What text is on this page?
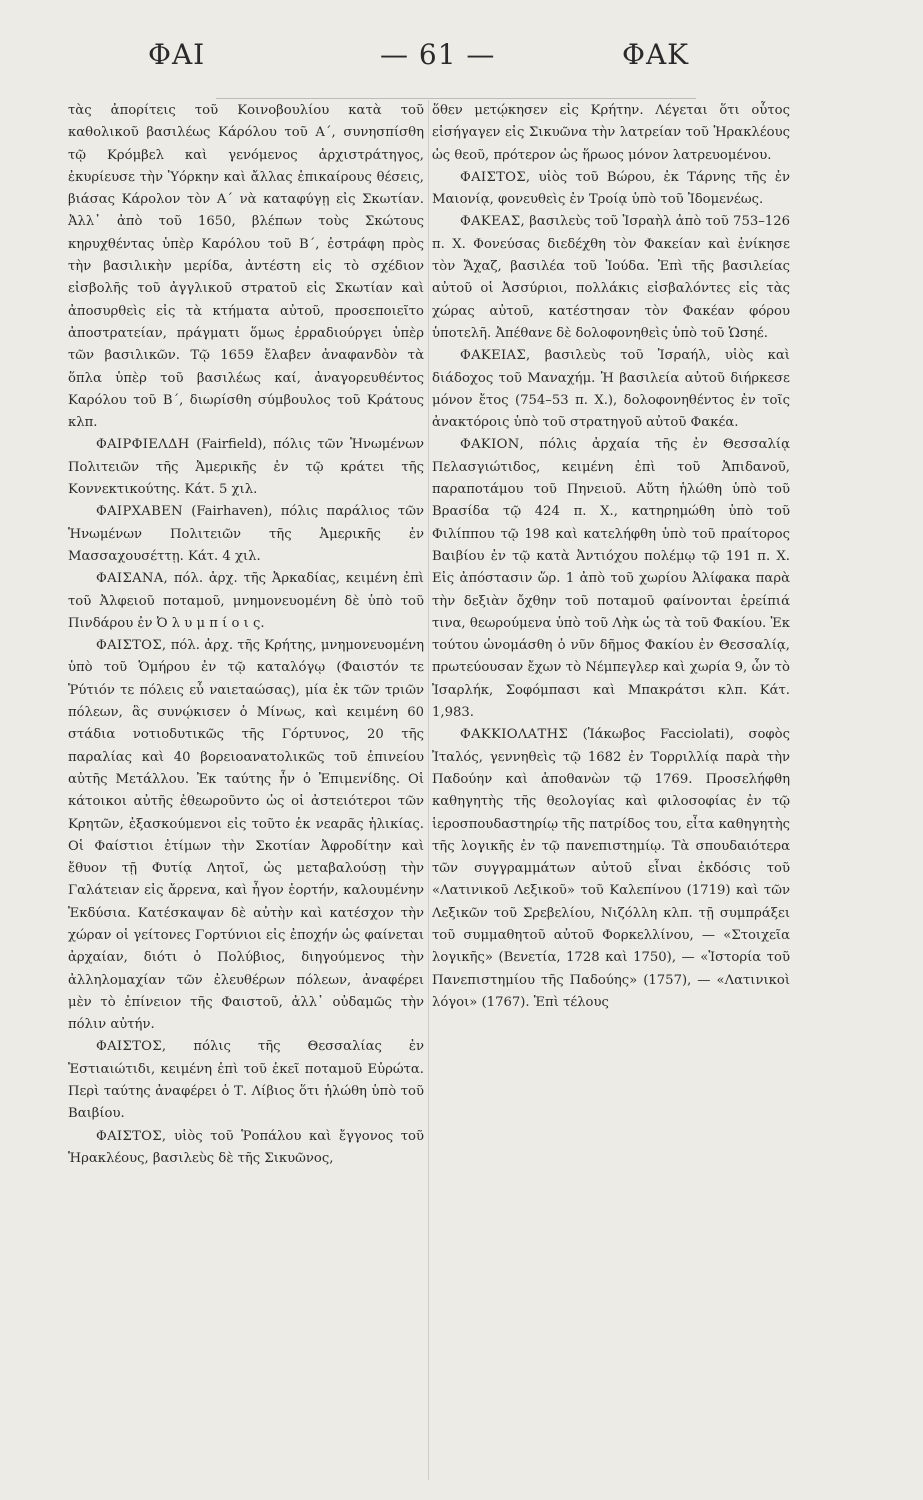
ΦΑΙ	— 61 —	ΦΑΚ

τὰς ἀπορίτεις τοῦ Κοινοβουλίου κατὰ τοῦ καθολικοῦ βασιλέως Κάρόλου τοῦ Α΄, συνησπίσθη τῷ Κρόμβελ καὶ γενόμενος ἀρχιστράτηγος, ἐκυρίευσε τὴν Ὑόρκην καὶ ἄλλας ἐπικαίρους θέσεις, βιάσας Κάρολον τὸν Α΄ νὰ καταφύγῃ εἰς Σκωτίαν. Ἀλλ᾽ ἀπὸ τοῦ 1650, βλέπων τοὺς Σκώτους κηρυχθέντας ὑπὲρ Καρόλου τοῦ Β΄, ἐστράφη πρὸς τὴν βασιλικὴν μερίδα, ἀντέστη εἰς τὸ σχέδιον εἰσβολῆς τοῦ ἀγγλικοῦ στρατοῦ εἰς Σκωτίαν καὶ ἀποσυρθεὶς εἰς τὰ κτήματα αὐτοῦ, προσεποιεῖτο ἀποστρατείαν, πράγματι ὅμως ἐρραδιούργει ὑπὲρ τῶν βασιλικῶν. Τῷ 1659 ἔλαβεν ἀναφανδὸν τὰ ὅπλα ὑπὲρ τοῦ βασιλέως καί, ἀναγορευθέντος Καρόλου τοῦ Β΄, διωρίσθη σύμβουλος τοῦ Κράτους κλπ.

ΦΑΙΡΦΙΕΛΔΗ (Fairfield), πόλις τῶν Ἡνωμένων Πολιτειῶν τῆς Ἀμερικῆς ἐν τῷ κράτει τῆς Κοννεκτικούτης. Κάτ. 5 χιλ.

ΦΑΙΡΧΑΒΕΝ (Fairhaven), πόλις παράλιος τῶν Ἡνωμένων Πολιτειῶν τῆς Ἀμερικῆς ἐν Μασσαχουσέττῃ. Κάτ. 4 χιλ.

ΦΑΙΣΑΝΑ, πόλ. ἀρχ. τῆς Ἀρκαδίας, κειμένη ἐπὶ τοῦ Ἀλφειοῦ ποταμοῦ, μνημονευομένη δὲ ὑπὸ τοῦ Πινδάρου ἐν Ὀ λ υ μ π ί ο ι ς.

ΦΑΙΣΤΟΣ, πόλ. ἀρχ. τῆς Κρήτης, μνημονευομένη ὑπὸ τοῦ Ὁμήρου ἐν τῷ καταλόγῳ (Φαιστόν τε Ῥύτιόν τε πόλεις εὖ ναιεταώσας), μία ἐκ τῶν τριῶν πόλεων, ἃς συνῴκισεν ὁ Μίνως, καὶ κειμένη 60 στάδια νοτιοδυτικῶς τῆς Γόρτυνος, 20 τῆς παραλίας καὶ 40 βορειοανατολικῶς τοῦ ἐπινείου αὐτῆς Μετάλλου. Ἐκ ταύτης ἦν ὁ Ἐπιμενίδης. Οἱ κάτοικοι αὐτῆς ἐθεωροῦντο ὡς οἱ ἀστειότεροι τῶν Κρητῶν, ἐξασκούμενοι εἰς τοῦτο ἐκ νεαρᾶς ἡλικίας. Οἱ Φαίστιοι ἐτίμων τὴν Σκοτίαν Ἀφροδίτην καὶ ἔθυον τῇ Φυτίᾳ Λητοῖ, ὡς μεταβαλούσῃ τὴν Γαλάτειαν εἰς ἄρρενα, καὶ ἦγον ἑορτήν, καλουμένην Ἐκδύσια. Κατέσκαψαν δὲ αὐτὴν καὶ κατέσχον τὴν χώραν οἱ γείτονες Γορτύνιοι εἰς ἐποχήν ὡς φαίνεται ἀρχαίαν, διότι ὁ Πολύβιος, διηγούμενος τὴν ἀλληλομαχίαν τῶν ἐλευθέρων πόλεων, ἀναφέρει μὲν τὸ ἐπίνειον τῆς Φαιστοῦ, ἀλλ᾽ οὐδαμῶς τὴν πόλιν αὐτήν.

ΦΑΙΣΤΟΣ, πόλις τῆς Θεσσαλίας ἐν Ἑστιαιώτιδι, κειμένη ἐπὶ τοῦ ἐκεῖ ποταμοῦ Εὐρώτα. Περὶ ταύτης ἀναφέρει ὁ Τ. Λίβιος ὅτι ἡλώθη ὑπὸ τοῦ Βαιβίου.

ΦΑΙΣΤΟΣ, υἱὸς τοῦ Ῥοπάλου καὶ ἔγγονος τοῦ Ἡρακλέους, βασιλεὺς δὲ τῆς Σικυῶνος,

ὅθεν μετῴκησεν εἰς Κρήτην. Λέγεται ὅτι οὗτος εἰσήγαγεν εἰς Σικυῶνα τὴν λατρείαν τοῦ Ἡρακλέους ὡς θεοῦ, πρότερον ὡς ἥρωος μόνον λατρευομένου.

ΦΑΙΣΤΟΣ, υἱὸς τοῦ Βώρου, ἐκ Τάρνης τῆς ἐν Μαιονίᾳ, φονευθεὶς ἐν Τροίᾳ ὑπὸ τοῦ Ἰδομενέως.

ΦΑΚΕΑΣ, βασιλεὺς τοῦ Ἰσραὴλ ἀπὸ τοῦ 753–126 π. Χ. Φονεύσας διεδέχθη τὸν Φακείαν καὶ ἐνίκησε τὸν Ἄχαζ, βασιλέα τοῦ Ἰούδα. Ἐπὶ τῆς βασιλείας αὐτοῦ οἱ Ἀσσύριοι, πολλάκις εἰσβαλόντες εἰς τὰς χώρας αὐτοῦ, κατέστησαν τὸν Φακέαν φόρου ὑποτελῆ. Ἀπέθανε δὲ δολοφονηθεὶς ὑπὸ τοῦ Ὡσηέ.

ΦΑΚΕΙΑΣ, βασιλεὺς τοῦ Ἰσραήλ, υἱὸς καὶ διάδοχος τοῦ Μαναχήμ. Ἡ βασιλεία αὐτοῦ διήρκεσε μόνον ἔτος (754–53 π. Χ.), δολοφονηθέντος ἐν τοῖς ἀνακτόροις ὑπὸ τοῦ στρατηγοῦ αὐτοῦ Φακέα.

ΦΑΚΙΟΝ, πόλις ἀρχαία τῆς ἐν Θεσσαλίᾳ Πελασγιώτιδος, κειμένη ἐπὶ τοῦ Ἀπιδανοῦ, παραποτάμου τοῦ Πηνειοῦ. Αὕτη ἡλώθη ὑπὸ τοῦ Βρασίδα τῷ 424 π. Χ., κατηρημώθη ὑπὸ τοῦ Φιλίππου τῷ 198 καὶ κατελήφθη ὑπὸ τοῦ πραίτορος Βαιβίου ἐν τῷ κατὰ Ἀντιόχου πολέμῳ τῷ 191 π. Χ. Εἰς ἀπόστασιν ὥρ. 1 ἀπὸ τοῦ χωρίου Ἀλίφακα παρὰ τὴν δεξιὰν ὄχθην τοῦ ποταμοῦ φαίνονται ἐρείπιά τινα, θεωρούμενα ὑπὸ τοῦ Λὴκ ὡς τὰ τοῦ Φακίου. Ἐκ τούτου ὠνομάσθη ὁ νῦν δῆμος Φακίου ἐν Θεσσαλίᾳ, πρωτεύουσαν ἔχων τὸ Νέμπεγλερ καὶ χωρία 9, ὧν τὸ Ἰσαρλήκ, Σοφόμπασι καὶ Μπακράτσι κλπ. Κάτ. 1,983.

ΦΑΚΚΙΟΛΑΤΗΣ (Ἰάκωβος Facciolati), σοφὸς Ἰταλός, γεννηθεὶς τῷ 1682 ἐν Τορριλλίᾳ παρὰ τὴν Παδούην καὶ ἀποθανὼν τῷ 1769. Προσελήφθη καθηγητὴς τῆς θεολογίας καὶ φιλοσοφίας ἐν τῷ ἱεροσπουδαστηρίῳ τῆς πατρίδος του, εἶτα καθηγητὴς τῆς λογικῆς ἐν τῷ πανεπιστημίῳ. Τὰ σπουδαιότερα τῶν συγγραμμάτων αὐτοῦ εἶναι ἐκδόσις τοῦ «Λατινικοῦ Λεξικοῦ» τοῦ Καλεπίνου (1719) καὶ τῶν Λεξικῶν τοῦ Σρεβελίου, Νιζόλλη κλπ. τῇ συμπράξει τοῦ συμμαθητοῦ αὐτοῦ Φορκελλίνου, — «Στοιχεῖα λογικῆς» (Βενετία, 1728 καὶ 1750), — «Ἱστορία τοῦ Πανεπιστημίου τῆς Παδούης» (1757), — «Λατινικοὶ λόγοι» (1767). Ἐπὶ τέλους
